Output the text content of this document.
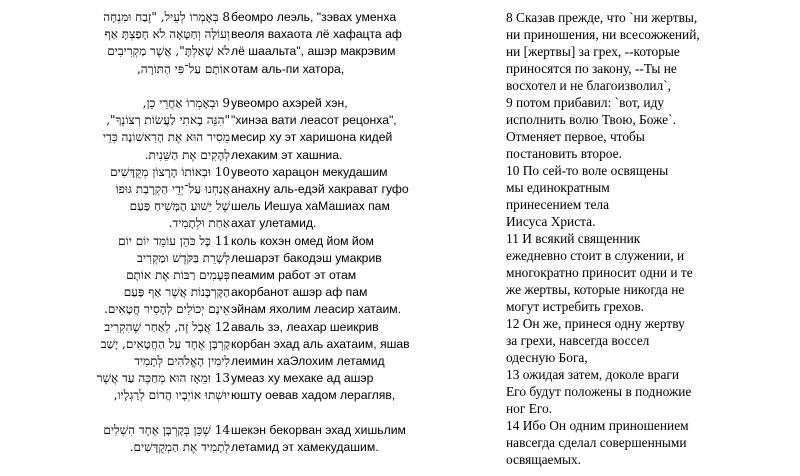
8 בְּאָמְרוֹ לְעֵיל, "זֶבַח וּמִנְחָה
וְעוֹלָה וְחַטָּאָה לֹא חָפַצְתָּ אַף
לֹא שָׁאַלְתָּ", אֲשֶׁר מַקְרִיבִים
אוֹתָם עַל־פִּי הַתּוֹרָה,
9 וּבְאָמְרוֹ אַחֲרֵי כֵן,
"הִנֵּה בָאתִי לַעֲשׂוֹת רְצוֹנֶךָ",
מֵסִיר הוּא אֶת הָרִאשׁוֹנָה כְּדֵי
לְהָקִים אֶת הַשֵּׁנִית.
10 וּבְאוֹתוֹ הָרָצוֹן מְקֻדָּשִׁים
אֲנַחְנוּ עַל־יְדֵי הַקְרָבַת גּוּפוֹ
שֶׁל יֵשׁוּעַ הַמָּשִׁיחַ פַּעַם
אַחַת וּלְתָמִיד.
11 כָּל כֹּהֵן עוֹמֵד יוֹם יוֹם
לְשָׁרֵת בַּקֹּדֶשׁ וּמַקְרִיב
פְּעָמִים רַבּוֹת אֶת אוֹתָם
הַקָּרְבָּנוֹת אֲשֶׁר אַף פַּעַם
אֵינָם יְכוֹלִים לְהָסִיר חֲטָאִים.
12 אֲבָל זֶה, לְאַחַר שֶׁהִקְרִיב
קָרְבָּן אֶחָד עַל הַחֲטָאִים, יָשַׁב
לִימִין הָאֱלֹהִים לְתָמִיד
13 וּמֵאָז הוּא מְחַכֶּה עַד אֲשֶׁר
יוּשְׁתוּ אוֹיְבָיו הֲדוֹם לְרַגְלָיו,
14 שֶׁכֵּן בְּקָרְבָּן אֶחָד הִשְׁלִים
לְתָמִיד אֶת הַמְקֻדָּשִׁים.
беомро леэль, "зэвах уменха
веоля вахаота лё хафацта аф
лё шаальта", ашэр макрэвим
отам аль-пи хатора,
увеомро ахэрей хэн,
"хинэа вати леасот рецонха",
месир ху эт харишона кидей
лехаким эт хашниа.
увеото харацон мекудашим
анахну аль-едэй хакрават гуфо
шель Иешуа хаМашиах пам
ахат улетамид.
коль кохэн омед йом йом
лешарэт бакодэш умакрив
пеамим работ эт отам
акорбанот ашэр аф пам
эйнам яхолим леасир хатаим.
аваль зэ, леахар шеикрив
корбан эхад аль ахатаим, яшав
леимин хаЭлохим летамид
умеаз ху мехаке ад ашэр
юшту оевав хадом лерагляв,
шекэн бекорван эхад хишьлим
летамид эт хамекудашим.
8 Сказав прежде, что `ни жертвы,
ни приношения, ни всесожжений,
ни [жертвы] за грех, --которые
приносятся по закону, --Ты не
восхотел и не благоизволил`,
9 потом прибавил: `вот, иду
исполнить волю Твою, Боже`.
Отменяет первое, чтобы
постановить второе.
10 По сей-то воле освящены
мы единократным
принесением тела
Иисуса Христа.
11 И всякий священник
ежедневно стоит в служении, и
многократно приносит одни и те
же жертвы, которые никогда не
могут истребить грехов.
12 Он же, принеся одну жертву
за грехи, навсегда воссел
одесную Бога,
13 ожидая затем, доколе враги
Его будут положены в подножие
ног Его.
14 Ибо Он одним приношением
навсегда сделал совершенными
освящаемых.
